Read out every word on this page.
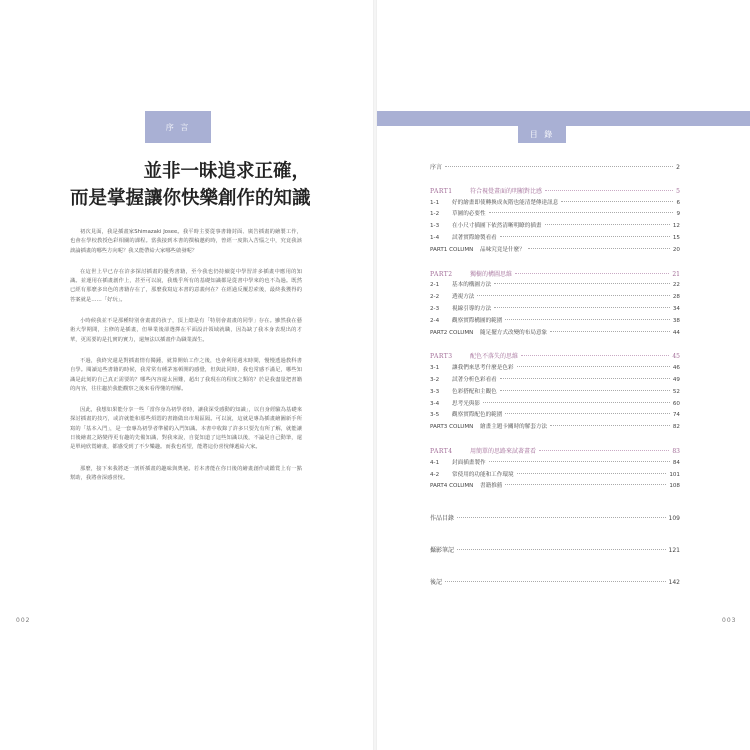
序 言
並非一昧追求正確，
而是掌握讓你快樂創作的知識

初次見面，我是插畫家Shimazaki Josee。我平時主要從事書籍封面、廣告插畫的繪製工作，也會在學校教授色彩相關的課程。當我接到本書的撰稿邀約時，曾經一度陷入苦惱之中，究竟我該談論插畫的哪些方向呢？我又能帶給大家哪些啟發呢？

在這世上早已存在許多探討插畫的優秀書籍，至今我也仍持續從中學習許多插畫中應用的知識。並運用在插畫創作上，甚至可以說，我幾乎所有的基礎知識都是從書中學來的也不為過。既然已經有那麼多出色的書籍存在了，那麼我寫這本書的意義何在？在經過反覆思索後，最終我獲得的答案就是……「好玩」。

小時候我並不是那種特別會畫畫的孩子，頂上總是有「特別會畫畫的同學」存在。雖然我在藝術大學期間，主修的是插畫，但畢業後卻選擇在平面設計領域就職，因為缺了我本身表現出的才華，更需要的是扎實的實力，還無法以插畫作為職業謀生。

不過，我終究還是對插畫情有獨鍾，就算開始工作之後，也會利用週末時間，慢慢透過教科書自學。閱讀這些書籍的時候，我常常有種茅塞頓開的感覺，但與此同時，我也常感不滿足，哪些知識是此刻的自己真正需要的？哪些內容還太困難，超出了我現在的程度之類的？於是我盡量把書籍的內容，往往趨於我能觀察之後來看得懂的理解。

因此，我想如果能分享一些「當你身為初學者時，讓我深受感動的知識」，以自身經驗為基礎來探討插畫的技巧，或許就能和那些煩悶的書籍做出市場區隔。可以說，這就是專為插畫繪圖新手所寫的「基本入門」，是一套專為初學者準備的入門知識。本書中收錄了許多只要先有所了解，就能讓日後繪畫之路變得更有趣的先備知識，對我來說，自從知道了這些知識以後，不論是自己動筆，還是單純欣賞繪畫，都感受到了不少樂趣。而我也希望，能將這份喜悅傳遞給大家。

那麼，接下來我將逐一剖析插畫的趣味與奧祕。若本書能在你日後的繪畫創作或鑑賞上有一點幫助，我將會深感喜悅。

002
目 錄
序言	2
PART1	符合視覺畫面的明顯對比感	5
1-1	好的繪畫即使轉換成灰階也能清楚傳達訊息	6
1-2	草圖的必要性	9
1-3	在小尺寸插圖下依然清晰明瞭的插畫	12
1-4	試著實際繪製看看	15
PART1 COLUMN	品味究竟是什麼？	20
PART2	獨樹的構圖思維	21
2-1	基本的構圖方法	22
2-2	透視方法	28
2-3	視線引導的方法	34
2-4	觀察實際構圖的範圍	38
PART2 COLUMN	隨足擺方式改變的布局意象	44
PART3	配色不落失的思維	45
3-1	讓我們來思考什麼是色彩	46
3-2	試著分析色彩看看	49
3-3	色彩搭配和主觀色	52
3-4	思考光與影	60
3-5	觀察實際配色的範圍	74
PART3 COLUMN	繪畫主題卡關時的解套方法	82
PART4	用簡單的思路來試著畫看	83
4-1	封面插畫製作	84
4-2	常使用的功能和工作環境	101
PART4 COLUMN	書籍推薦	108
作品目錄	109
攝影筆記	121
後記	142
003
